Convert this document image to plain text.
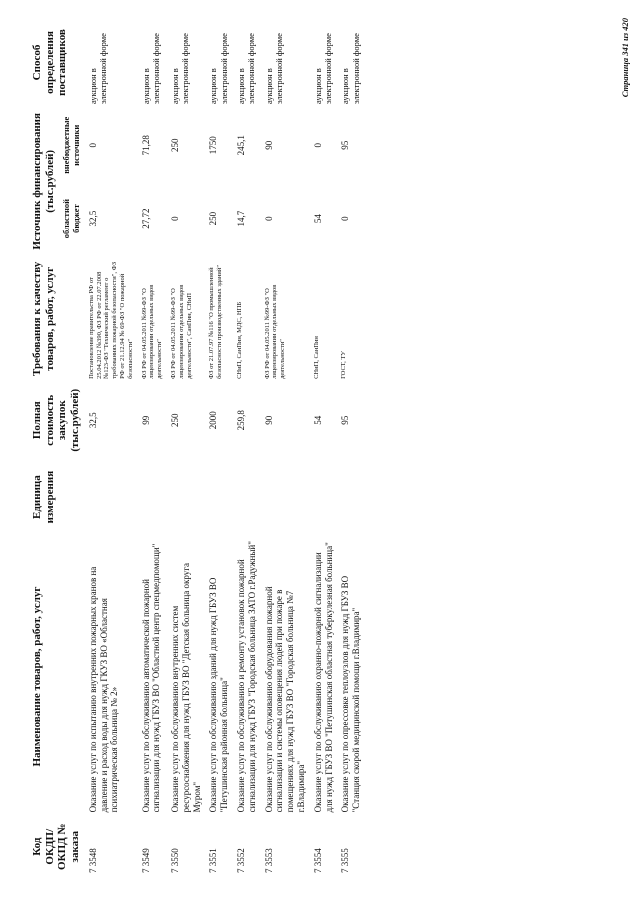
Код ОКДП/ ОКПД № заказа	Наименование товаров, работ, услуг	Единица измерения	Полная стоимость закупок (тыс.рублей)	Требования к качеству товаров, работ, услуг	Источник финансирования (тыс.рублей)		Способ определения поставщиков
					областной бюджет	внебюджетные источники	
7 3548	Оказание услуг по испытанию внутренних пожарных кранов на давление и расход воды для нужд ГКУЗ ВО «Областная психиатрическая больница № 2»		32,5	Постановление правительства РФ от 25.04.2012 №390, ФЗ РФ от 22.07.2008 №123-ФЗ "Технический регламент о требованиях пожарной безопасности", ФЗ РФ от 21.12.94 № 69-ФЗ "О пожарной безопасности"	32,5	0	аукцион в электронной форме
7 3549	Оказание услуг по обслуживанию автоматической пожарной сигнализации для нужд ГБУЗ ВО "Областной центр спецмедпомощи"		99	ФЗ РФ от 04.05.2011 №99-ФЗ "О лицензировании отдельных видов деятельности"	27,72	71,28	аукцион в электронной форме
7 3550	Оказание услуг по обслуживанию внутренних систем ресурсоснабжения для нужд ГБУЗ ВО "Детская больница округа Муром"		250	ФЗ РФ от 04.05.2011 №99-ФЗ "О лицензировании отдельных видов деятельности", СанПин, СНиП	0	250	аукцион в электронной форме
7 3551	Оказание услуг по обслуживанию зданий для нужд ГБУЗ ВО "Петушинская районная больница"		2000	ФЗ от 21.07.97 №116 "О промышленной безопасности производственных зданий"	250	1750	аукцион в электронной форме
7 3552	Оказание услуг по обслуживанию и ремонту установок пожарной сигнализации для нужд ГБУЗ "Городская больница ЗАТО г.Радужный"		259,8	СНиП, СанПин, МДС, НПБ	14,7	245,1	аукцион в электронной форме
7 3553	Оказание услуг по обслуживанию оборудования пожарной сигнализации и системы оповещения людей при пожаре в помещениях для нужд ГБУЗ ВО "Городская больница №7 г.Владимира"		90	ФЗ РФ от 04.05.2011 №99-ФЗ "О лицензировании отдельных видов деятельности"	0	90	аукцион в электронной форме
7 3554	Оказание услуг по обслуживанию охранно-пожарной сигнализации для нужд ГБУЗ ВО "Петушинская областная туберкулезная больница"		54	СНиП, СанПин	54	0	аукцион в электронной форме
7 3555	Оказание услуг по опрессовке теплоузлов для нужд ГБУЗ ВО "Станция скорой медицинской помощи г.Владимира"		95	ГОСТ, ТУ	0	95	аукцион в электронной форме	Страница 341 из 420
